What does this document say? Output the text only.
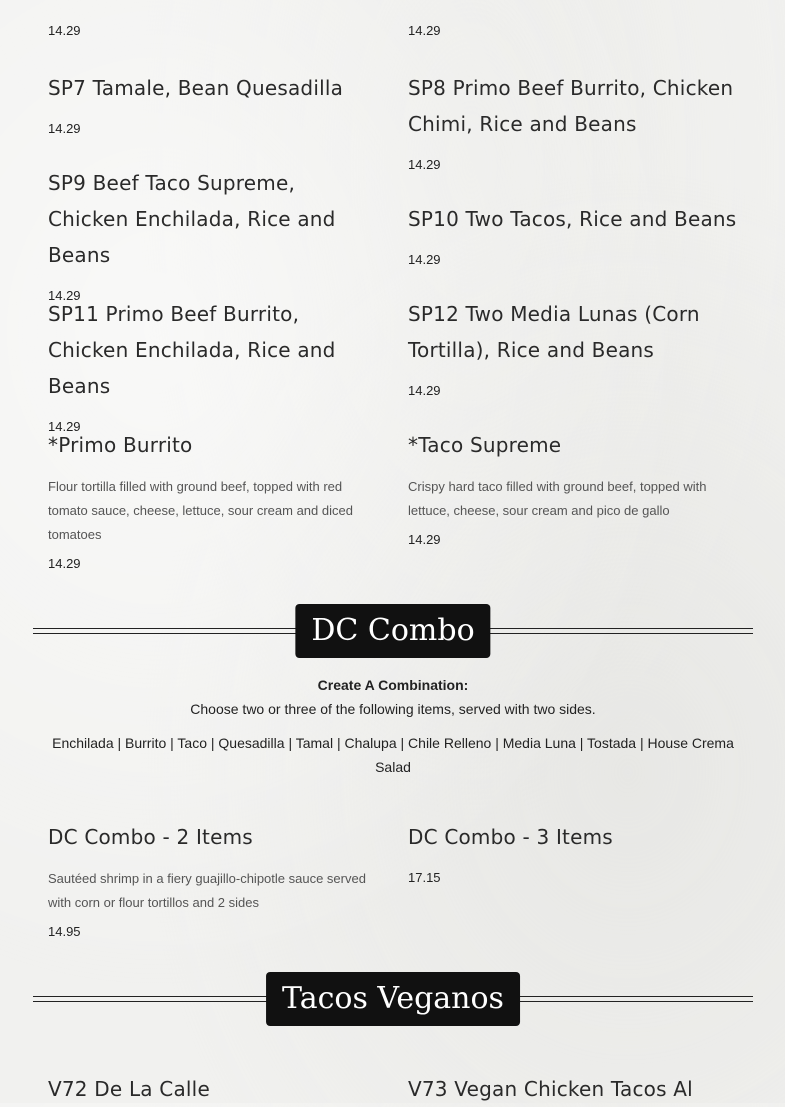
14.29	14.29
SP7 Tamale, Bean Quesadilla
14.29
SP8 Primo Beef Burrito, Chicken Chimi, Rice and Beans
14.29
SP9 Beef Taco Supreme, Chicken Enchilada, Rice and Beans
14.29
SP10 Two Tacos, Rice and Beans
14.29
SP11 Primo Beef Burrito, Chicken Enchilada, Rice and Beans
14.29
SP12 Two Media Lunas (Corn Tortilla), Rice and Beans
14.29
*Primo Burrito
Flour tortilla filled with ground beef, topped with red tomato sauce, cheese, lettuce, sour cream and diced tomatoes
14.29
*Taco Supreme
Crispy hard taco filled with ground beef, topped with lettuce, cheese, sour cream and pico de gallo
14.29
DC Combo
Create A Combination:
Choose two or three of the following items, served with two sides.
Enchilada | Burrito | Taco | Quesadilla | Tamal | Chalupa | Chile Relleno | Media Luna | Tostada | House Crema Salad
DC Combo - 2 Items
Sautéed shrimp in a fiery guajillo-chipotle sauce served with corn or flour tortillos and 2 sides
14.95
DC Combo - 3 Items
17.15
Tacos Veganos
V72 De La Calle	V73 Vegan Chicken Tacos Al
